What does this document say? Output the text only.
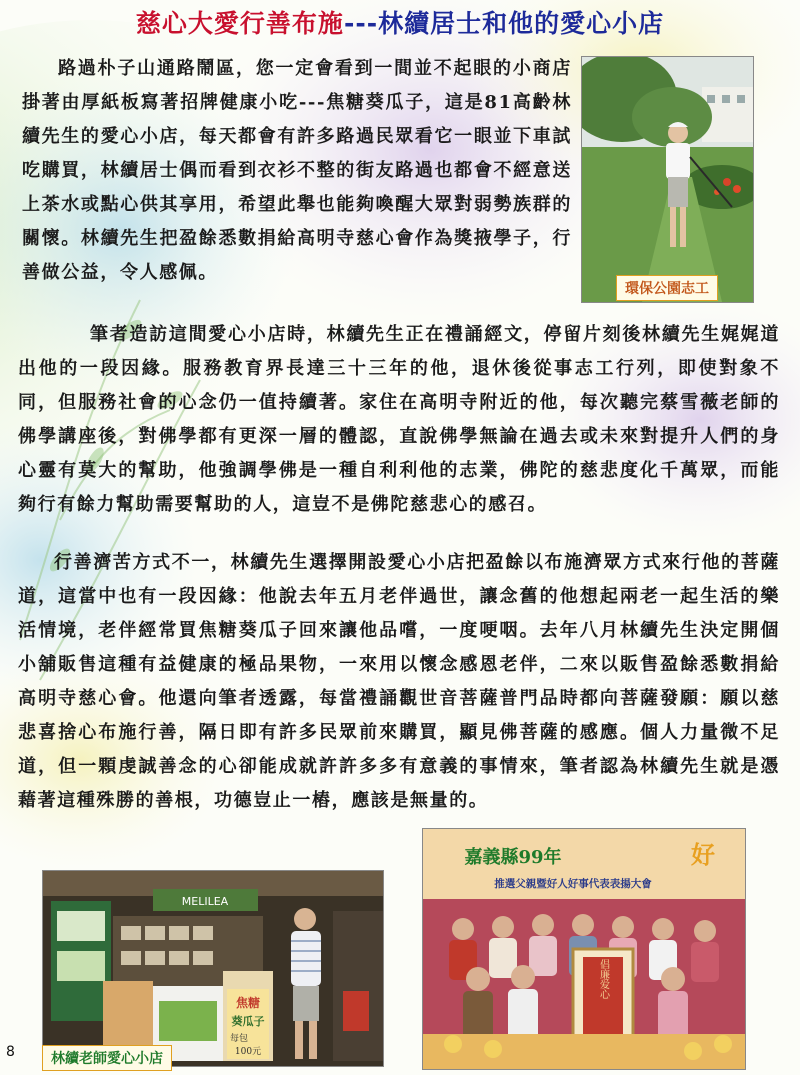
慈心大愛行善布施---林續居士和他的愛心小店

路過朴子山通路鬧區，您一定會看到一間並不起眼的小商店掛著由厚紙板寫著招牌健康小吃---焦糖葵瓜子，這是81高齡林續先生的愛心小店，每天都會有許多路過民眾看它一眼並下車試吃購買，林續居士偶而看到衣衫不整的街友路過也都會不經意送上茶水或點心供其享用，希望此舉也能夠喚醒大眾對弱勢族群的關懷。林續先生把盈餘悉數捐給高明寺慈心會作為獎掖學子，行善做公益，令人感佩。

環保公園志工

筆者造訪這間愛心小店時，林續先生正在禮誦經文，停留片刻後林續先生娓娓道出他的一段因緣。服務教育界長達三十三年的他，退休後從事志工行列，即使對象不同，但服務社會的心念仍一值持續著。家住在高明寺附近的他，每次聽完蔡雪薇老師的佛學講座後，對佛學都有更深一層的體認，直說佛學無論在過去或未來對提升人們的身心靈有莫大的幫助，他強調學佛是一種自利利他的志業，佛陀的慈悲度化千萬眾，而能夠行有餘力幫助需要幫助的人，這豈不是佛陀慈悲心的感召。

行善濟苦方式不一，林續先生選擇開設愛心小店把盈餘以布施濟眾方式來行他的菩薩道，這當中也有一段因緣：他說去年五月老伴過世，讓念舊的他想起兩老一起生活的樂活情境，老伴經常買焦糖葵瓜子回來讓他品嚐，一度哽咽。去年八月林續先生決定開個小舖販售這種有益健康的極品果物，一來用以懷念感恩老伴，二來以販售盈餘悉數捐給高明寺慈心會。他還向筆者透露，每當禮誦觀世音菩薩普門品時都向菩薩發願：願以慈悲喜捨心布施行善，隔日即有許多民眾前來購買，顯見佛菩薩的感應。個人力量微不足道，但一顆虔誠善念的心卻能成就許許多多有意義的事情來，筆者認為林續先生就是憑藉著這種殊勝的善根，功德豈止一樁，應該是無量的。

MELILEA
焦糖
葵瓜子
每包
100元
林續老師愛心小店
嘉義縣99年
推選父親暨好人好事代表表揚大會
好
倡廉爱心
8
